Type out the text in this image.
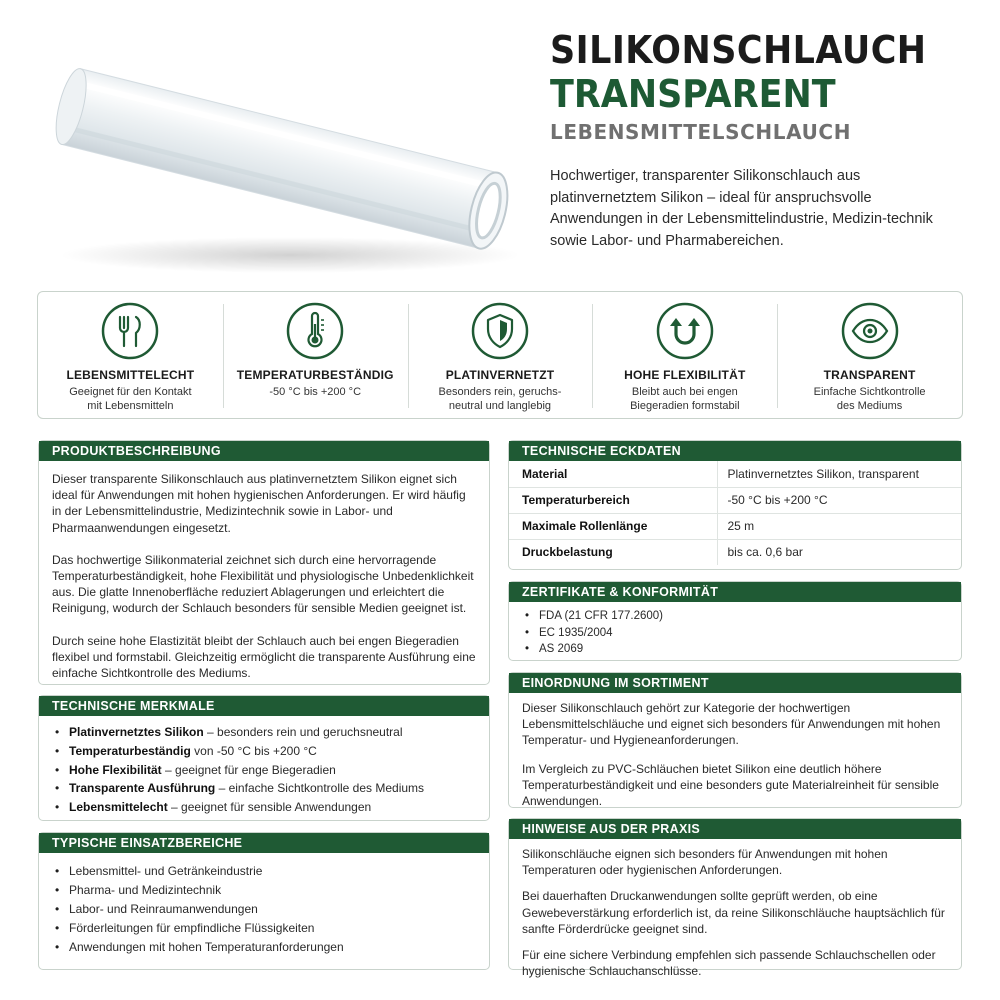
SILIKONSCHLAUCH
TRANSPARENT
LEBENSMITTELSCHLAUCH

Hochwertiger, transparenter Silikonschlauch aus platinvernetztem Silikon – ideal für anspruchsvolle Anwendungen in der Lebensmittelindustrie, Medizin-technik sowie Labor- und Pharmabereichen.

LEBENSMITTELECHT
Geeignet für den Kontakt
mit Lebensmitteln
TEMPERATURBESTÄNDIG
-50 °C bis +200 °C
PLATINVERNETZT
Besonders rein, geruchs-
neutral und langlebig
HOHE FLEXIBILITÄT
Bleibt auch bei engen
Biegeradien formstabil
TRANSPARENT
Einfache Sichtkontrolle
des Mediums
PRODUKTBESCHREIBUNG

Dieser transparente Silikonschlauch aus platinvernetztem Silikon eignet sich ideal für Anwendungen mit hohen hygienischen Anforderungen. Er wird häufig in der Lebensmittelindustrie, Medizintechnik sowie in Labor- und Pharmaanwendungen eingesetzt.

Das hochwertige Silikonmaterial zeichnet sich durch eine hervorragende Temperaturbeständigkeit, hohe Flexibilität und physiologische Unbedenklichkeit aus. Die glatte Innenoberfläche reduziert Ablagerungen und erleichtert die Reinigung, wodurch der Schlauch besonders für sensible Medien geeignet ist.

Durch seine hohe Elastizität bleibt der Schlauch auch bei engen Biegeradien flexibel und formstabil. Gleichzeitig ermöglicht die transparente Ausführung eine einfache Sichtkontrolle des Mediums.

TECHNISCHE MERKMALE
• Platinvernetztes Silikon – besonders rein und geruchsneutral
• Temperaturbeständig von -50 °C bis +200 °C
• Hohe Flexibilität – geeignet für enge Biegeradien
• Transparente Ausführung – einfache Sichtkontrolle des Mediums
• Lebensmittelecht – geeignet für sensible Anwendungen
TYPISCHE EINSATZBEREICHE
• Lebensmittel- und Getränkeindustrie
• Pharma- und Medizintechnik
• Labor- und Reinraumanwendungen
• Förderleitungen für empfindliche Flüssigkeiten
• Anwendungen mit hohen Temperaturanforderungen
TECHNISCHE ECKDATEN
Material	Platinvernetztes Silikon, transparent
Temperaturbereich	-50 °C bis +200 °C
Maximale Rollenlänge	25 m
Druckbelastung	bis ca. 0,6 bar
ZERTIFIKATE & KONFORMITÄT
• FDA (21 CFR 177.2600)
• EC 1935/2004
• AS 2069
EINORDNUNG IM SORTIMENT

Dieser Silikonschlauch gehört zur Kategorie der hochwertigen Lebensmittelschläuche und eignet sich besonders für Anwendungen mit hohen Temperatur- und Hygieneanforderungen.

Im Vergleich zu PVC-Schläuchen bietet Silikon eine deutlich höhere Temperaturbeständigkeit und eine besonders gute Materialreinheit für sensible Anwendungen.

HINWEISE AUS DER PRAXIS

Silikonschläuche eignen sich besonders für Anwendungen mit hohen Temperaturen oder hygienischen Anforderungen.

Bei dauerhaften Druckanwendungen sollte geprüft werden, ob eine Gewebeverstärkung erforderlich ist, da reine Silikonschläuche hauptsächlich für sanfte Förderdrücke geeignet sind.

Für eine sichere Verbindung empfehlen sich passende Schlauchschellen oder hygienische Schlauchanschlüsse.
